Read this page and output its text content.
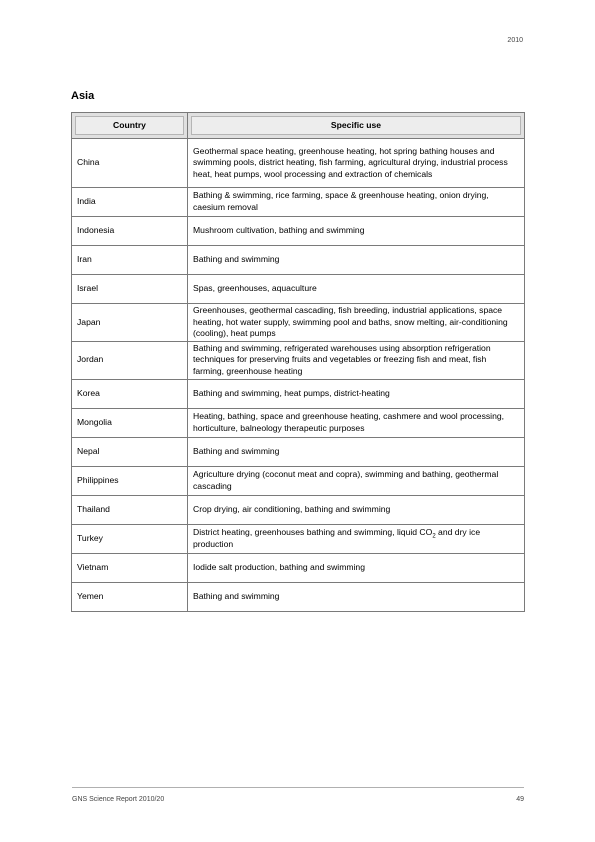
2010
Asia
Country	Specific use

China	Geothermal space heating, greenhouse heating, hot spring bathing houses and swimming pools, district heating, fish farming, agricultural drying, industrial process heat, heat pumps, wool processing and extraction of chemicals
India	Bathing & swimming, rice farming, space & greenhouse heating, onion drying, caesium removal
Indonesia	Mushroom cultivation, bathing and swimming
Iran	Bathing and swimming
Israel	Spas, greenhouses, aquaculture
Japan	Greenhouses, geothermal cascading, fish breeding, industrial applications, space heating, hot water supply, swimming pool and baths, snow melting, air-conditioning (cooling), heat pumps
Jordan	Bathing and swimming, refrigerated warehouses using absorption refrigeration techniques for preserving fruits and vegetables or freezing fish and meat, fish farming, greenhouse heating
Korea	Bathing and swimming, heat pumps, district-heating
Mongolia	Heating, bathing, space and greenhouse heating, cashmere and wool processing, horticulture, balneology therapeutic purposes
Nepal	Bathing and swimming
Philippines	Agriculture drying (coconut meat and copra), swimming and bathing, geothermal cascading
Thailand	Crop drying, air conditioning, bathing and swimming
Turkey	District heating, greenhouses bathing and swimming, liquid $CO_2$ and dry ice production
Vietnam	Iodide salt production, bathing and swimming
Yemen	Bathing and swimming
GNS Science Report 2010/20	49
